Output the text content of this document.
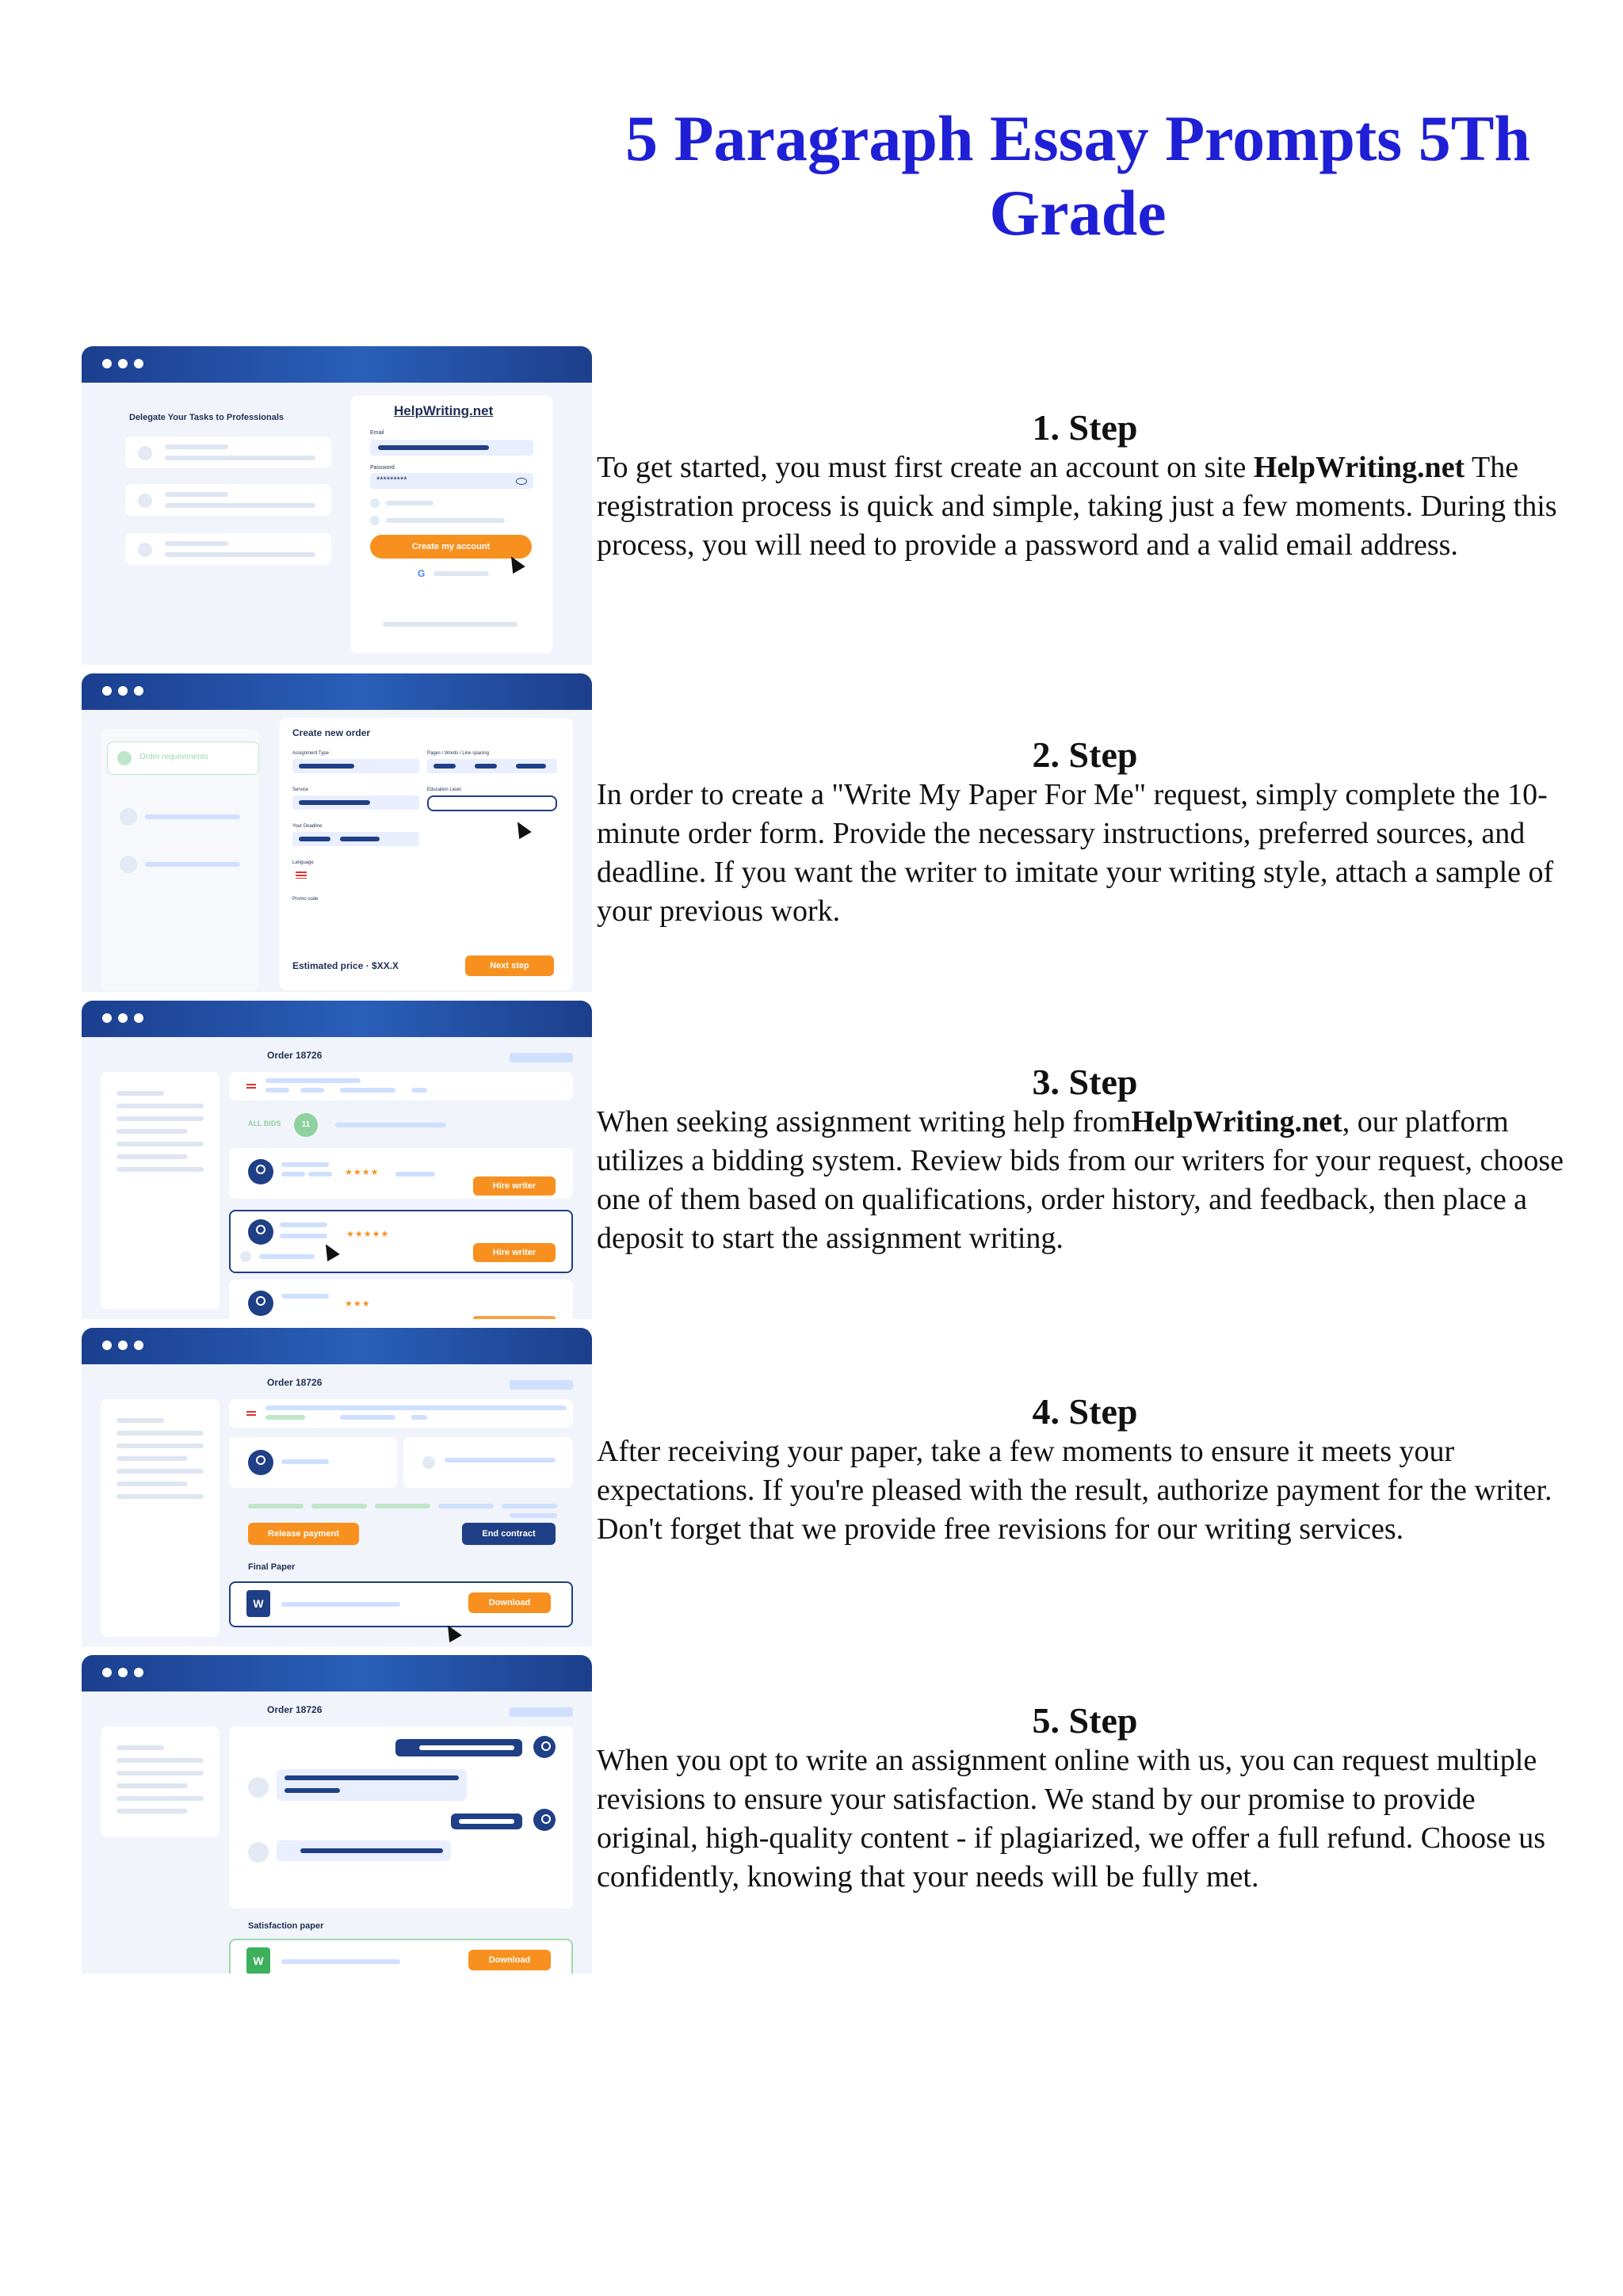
5 Paragraph Essay Prompts 5Th Grade
Delegate Your Tasks to Professionals	HelpWriting.net
Email
Password
*********
Create my account
G
Order requirements
Create new order
Assignment Type	Pages / Words / Line spacing
Service	Education Level
Your Deadline
Language
Promo code
Estimated price · $XX.X	Next step
Order 18726
ALL BIDS	11
★★★★
Hire writer
★★★★★
Hire writer
★★★
Order 18726
Release payment	End contract
Final Paper
W	Download
Order 18726
Satisfaction paper
W	Download
1. Step

To get started, you must first create an account on site HelpWriting.net The registration process is quick and simple, taking just a few moments. During this process, you will need to provide a password and a valid email address.

2. Step

In order to create a "Write My Paper For Me" request, simply complete the 10-minute order form. Provide the necessary instructions, preferred sources, and deadline. If you want the writer to imitate your writing style, attach a sample of your previous work.

3. Step

When seeking assignment writing help fromHelpWriting.net, our platform utilizes a bidding system. Review bids from our writers for your request, choose one of them based on qualifications, order history, and feedback, then place a deposit to start the assignment writing.

4. Step

After receiving your paper, take a few moments to ensure it meets your expectations. If you're pleased with the result, authorize payment for the writer. Don't forget that we provide free revisions for our writing services.

5. Step

When you opt to write an assignment online with us, you can request multiple revisions to ensure your satisfaction. We stand by our promise to provide original, high-quality content - if plagiarized, we offer a full refund. Choose us confidently, knowing that your needs will be fully met.
